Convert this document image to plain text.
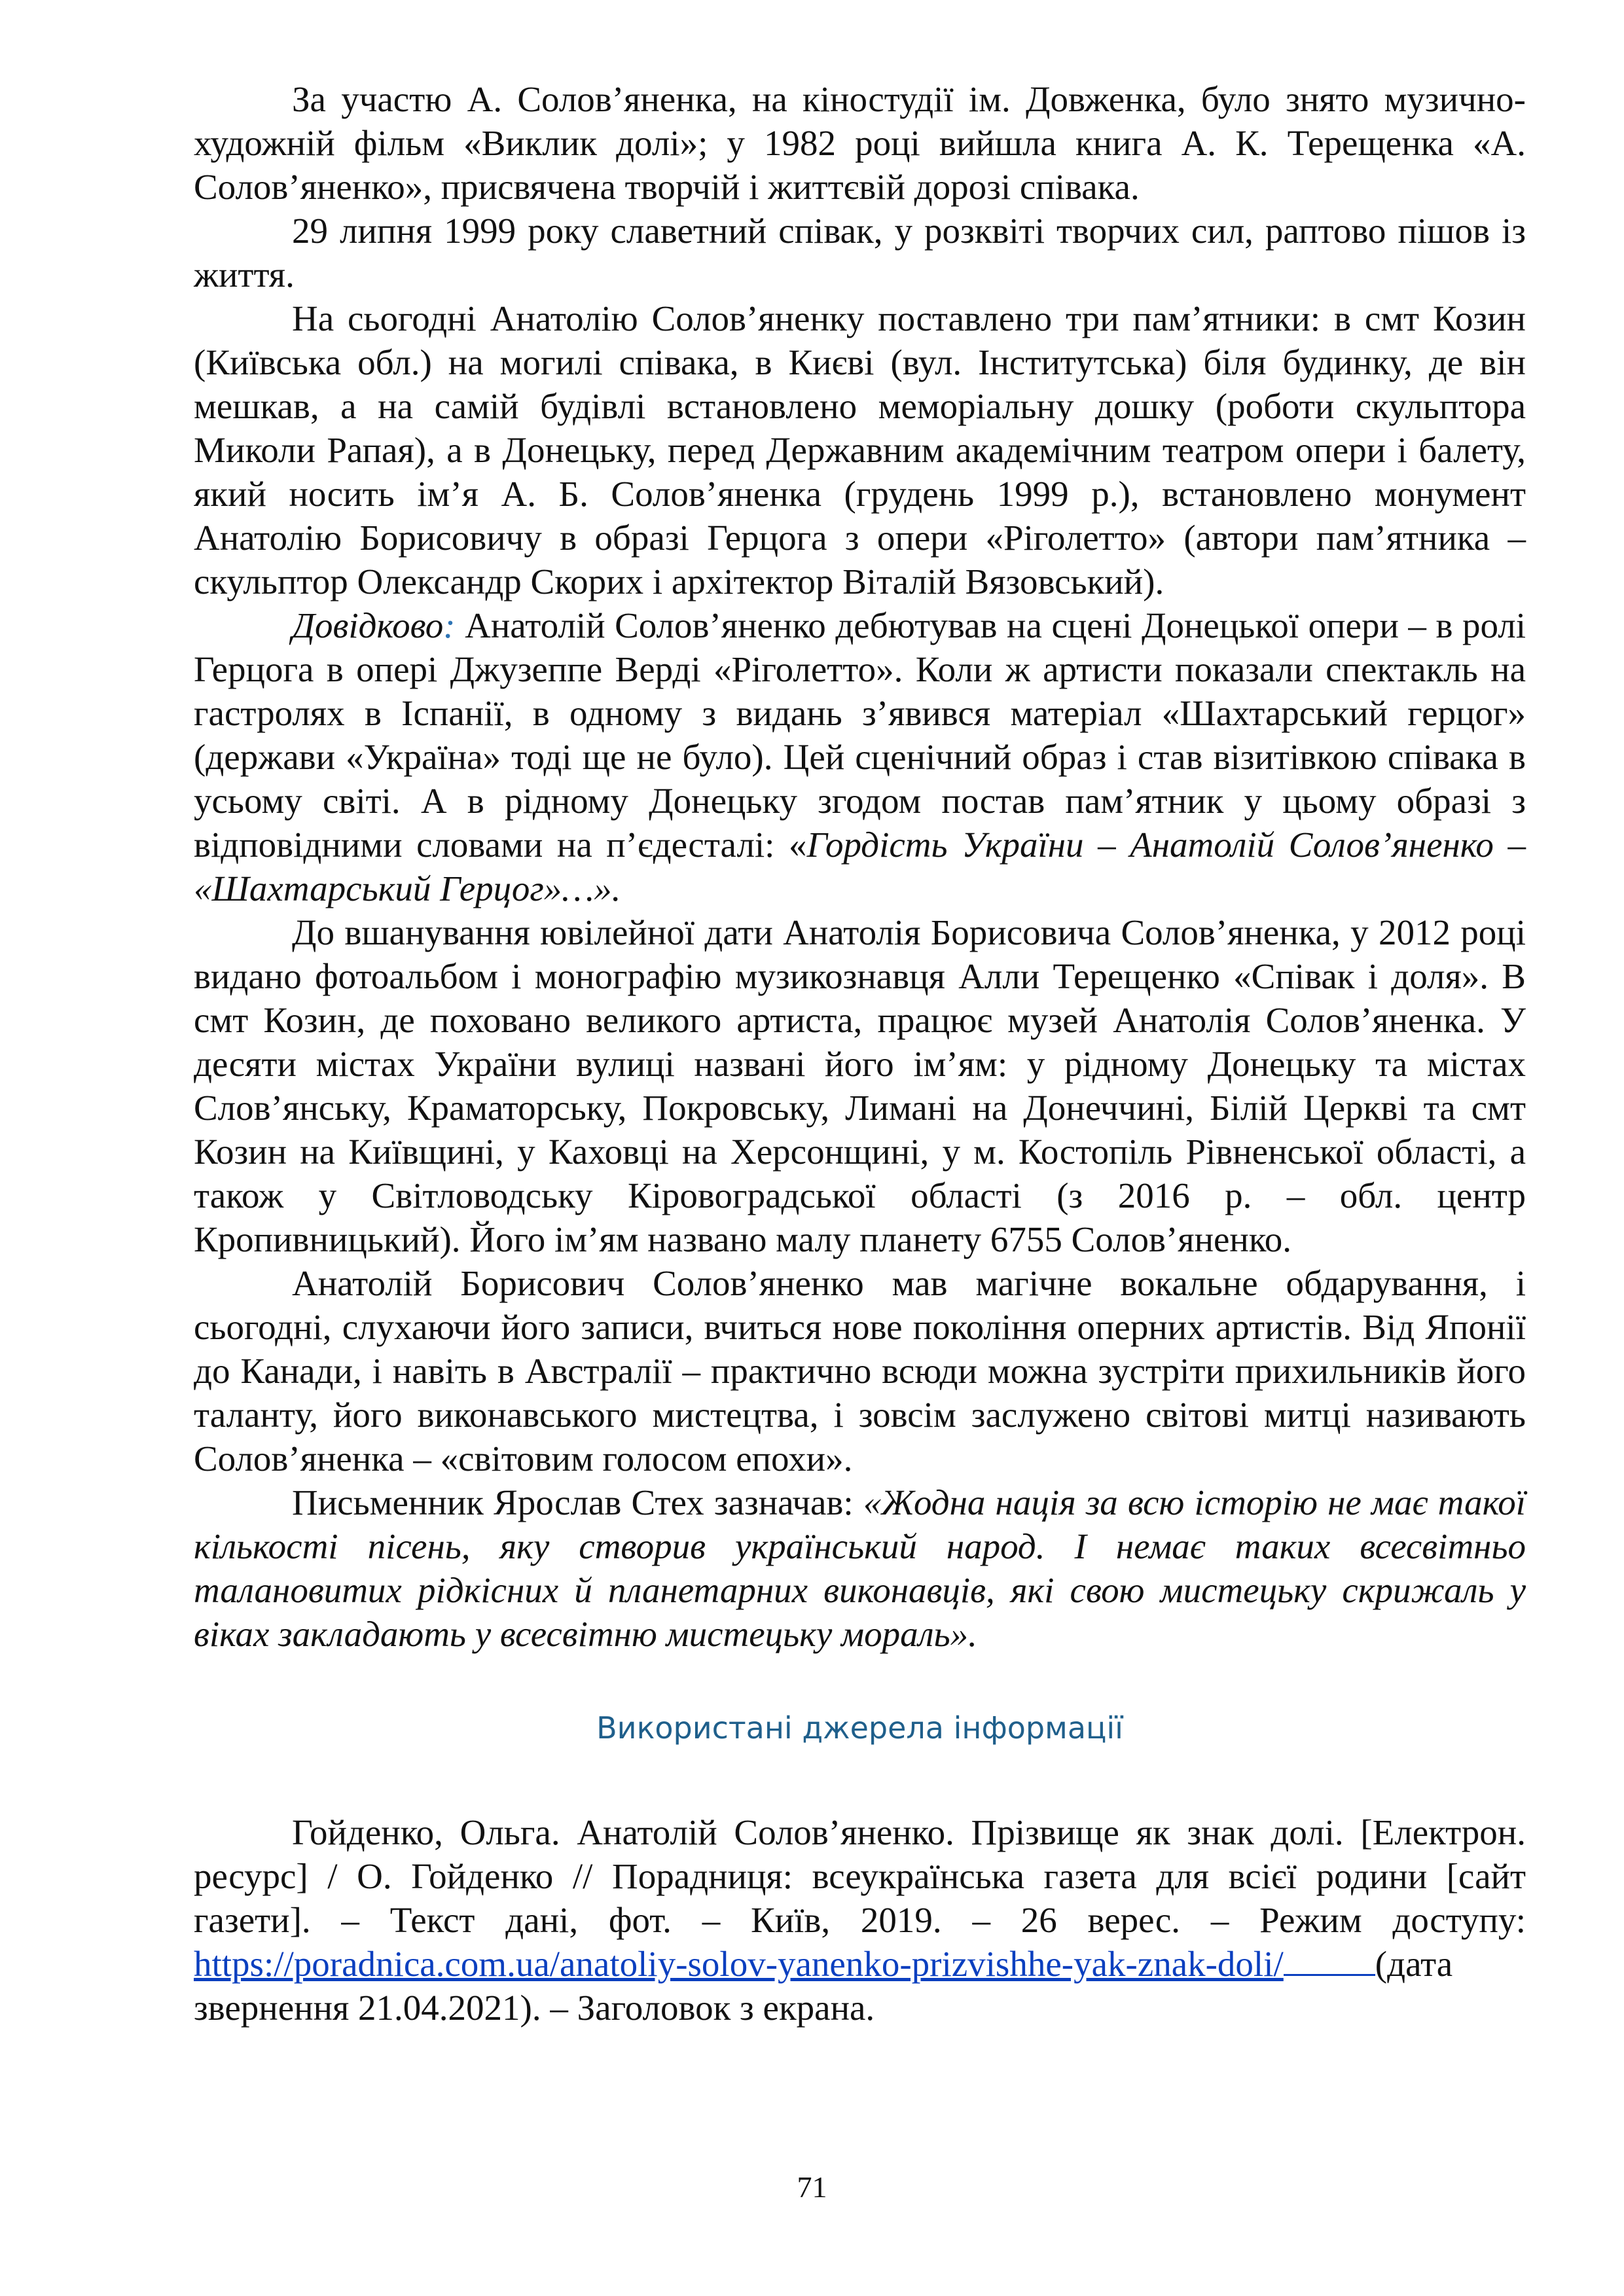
За участю А. Солов’яненка, на кіностудії ім. Довженка, було знято музично-художній фільм «Виклик долі»; у 1982 році вийшла книга А. К. Терещенка «А. Солов’яненко», присвячена творчій і життєвій дорозі співака.

29 липня 1999 року славетний співак, у розквіті творчих сил, раптово пішов із життя.

На сьогодні Анатолію Солов’яненку поставлено три пам’ятники: в смт Козин (Київська обл.) на могилі співака, в Києві (вул. Інститутська) біля будинку, де він мешкав, а на самій будівлі встановлено меморіальну дошку (роботи скульптора Миколи Рапая), а в Донецьку, перед Державним академічним театром опери і балету, який носить ім’я А. Б. Солов’яненка (грудень 1999 р.), встановлено монумент Анатолію Борисовичу в образі Герцога з опери «Ріголетто» (автори пам’ятника – скульптор Олександр Скорих і архітектор Віталій Вязовський).

Довідково: Анатолій Солов’яненко дебютував на сцені Донецької опери – в ролі Герцога в опері Джузеппе Верді «Ріголетто». Коли ж артисти показали спектакль на гастролях в Іспанії, в одному з видань з’явився матеріал «Шахтарський герцог» (держави «Україна» тоді ще не було). Цей сценічний образ і став візитівкою співака в усьому світі. А в рідному Донецьку згодом постав пам’ятник у цьому образі з відповідними словами на п’єдесталі: «Гордість України – Анатолій Солов’яненко – «Шахтарський Герцог»…».

До вшанування ювілейної дати Анатолія Борисовича Солов’яненка, у 2012 році видано фотоальбом і монографію музикознавця Алли Терещенко «Співак і доля». В смт Козин, де поховано великого артиста, працює музей Анатолія Солов’яненка. У десяти містах України вулиці названі його ім’ям: у рідному Донецьку та містах Слов’янську, Краматорську, Покровську, Лимані на Донеччині, Білій Церкві та смт Козин на Київщині, у Каховці на Херсонщині, у м. Костопіль Рівненської області, а також у Світловодську Кіровоградської області (з 2016 р. – обл. центр Кропивницький). Його ім’ям названо малу планету 6755 Солов’яненко.

Анатолій Борисович Солов’яненко мав магічне вокальне обдарування, і сьогодні, слухаючи його записи, вчиться нове покоління оперних артистів. Від Японії до Канади, і навіть в Австралії – практично всюди можна зустріти прихильників його таланту, його виконавського мистецтва, і зовсім заслужено світові митці називають Солов’яненка – «світовим голосом епохи».

Письменник Ярослав Стех зазначав: «Жодна нація за всю історію не має такої кількості пісень, яку створив український народ. І немає таких всесвітньо талановитих рідкісних й планетарних виконавців, які свою мистецьку скрижаль у віках закладають у всесвітню мистецьку мораль».

Використані джерела інформації

Гойденко, Ольга. Анатолій Солов’яненко. Прізвище як знак долі. [Електрон. ресурс] / О. Гойденко // Порадниця: всеукраїнська газета для всієї родини [сайт газети]. – Текст дані, фот. – Київ, 2019. – 26 верес. – Режим доступу: https://poradnica.com.ua/anatoliy-solov-yanenko-prizvishhe-yak-znak-doli/	(дата звернення 21.04.2021). – Заголовок з екрана.

71
